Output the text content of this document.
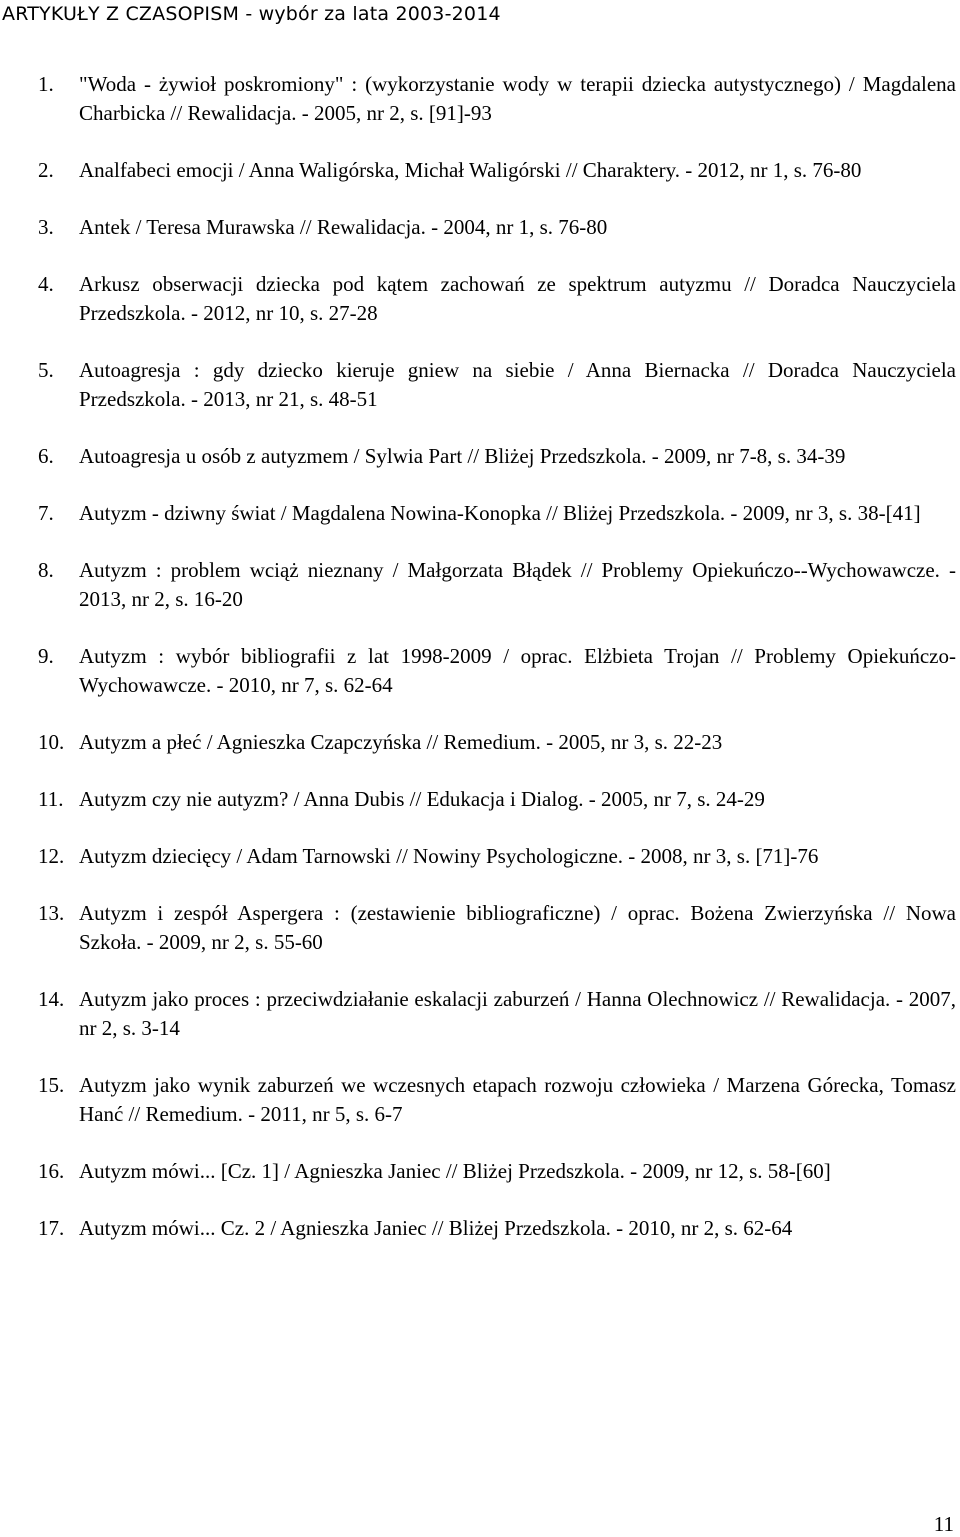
ARTYKUŁY Z CZASOPISM - wybór za lata 2003-2014
1.	"Woda - żywioł poskromiony" : (wykorzystanie wody w terapii dziecka autystycznego) / Magdalena Charbicka // Rewalidacja. - 2005, nr 2, s. [91]-93
2.	Analfabeci emocji / Anna Waligórska, Michał Waligórski // Charaktery. - 2012, nr 1, s. 76-80
3.	Antek / Teresa Murawska // Rewalidacja. - 2004, nr 1, s. 76-80
4.	Arkusz obserwacji dziecka pod kątem zachowań ze spektrum autyzmu // Doradca Nauczyciela Przedszkola. - 2012, nr 10, s. 27-28
5.	Autoagresja : gdy dziecko kieruje gniew na siebie / Anna Biernacka // Doradca Nauczyciela Przedszkola. - 2013, nr 21, s. 48-51
6.	Autoagresja u osób z autyzmem / Sylwia Part // Bliżej Przedszkola. - 2009, nr 7-8, s. 34-39
7.	Autyzm - dziwny świat / Magdalena Nowina-Konopka // Bliżej Przedszkola. - 2009, nr 3, s. 38-[41]
8.	Autyzm : problem wciąż nieznany / Małgorzata Błądek // Problemy Opiekuńczo--Wychowawcze. - 2013, nr 2, s. 16-20
9.	Autyzm : wybór bibliografii z lat 1998-2009 / oprac. Elżbieta Trojan // Problemy Opiekuńczo-Wychowawcze. - 2010, nr 7, s. 62-64
10. Autyzm a płeć / Agnieszka Czapczyńska // Remedium. - 2005, nr 3, s. 22-23
11. Autyzm czy nie autyzm? / Anna Dubis // Edukacja i Dialog. - 2005, nr 7, s. 24-29
12. Autyzm dziecięcy / Adam Tarnowski // Nowiny Psychologiczne. - 2008, nr 3, s. [71]-76
13. Autyzm i zespół Aspergera : (zestawienie bibliograficzne) / oprac. Bożena Zwierzyńska // Nowa Szkoła. - 2009, nr 2, s. 55-60
14. Autyzm jako proces : przeciwdziałanie eskalacji zaburzeń / Hanna Olechnowicz // Rewalidacja. - 2007, nr 2, s. 3-14
15. Autyzm jako wynik zaburzeń we wczesnych etapach rozwoju człowieka / Marzena Górecka, Tomasz Hanć // Remedium. - 2011, nr 5, s. 6-7
16. Autyzm mówi... [Cz. 1] / Agnieszka Janiec // Bliżej Przedszkola. - 2009, nr 12, s. 58-[60]
17. Autyzm mówi... Cz. 2 / Agnieszka Janiec // Bliżej Przedszkola. - 2010, nr 2, s. 62-64
11
